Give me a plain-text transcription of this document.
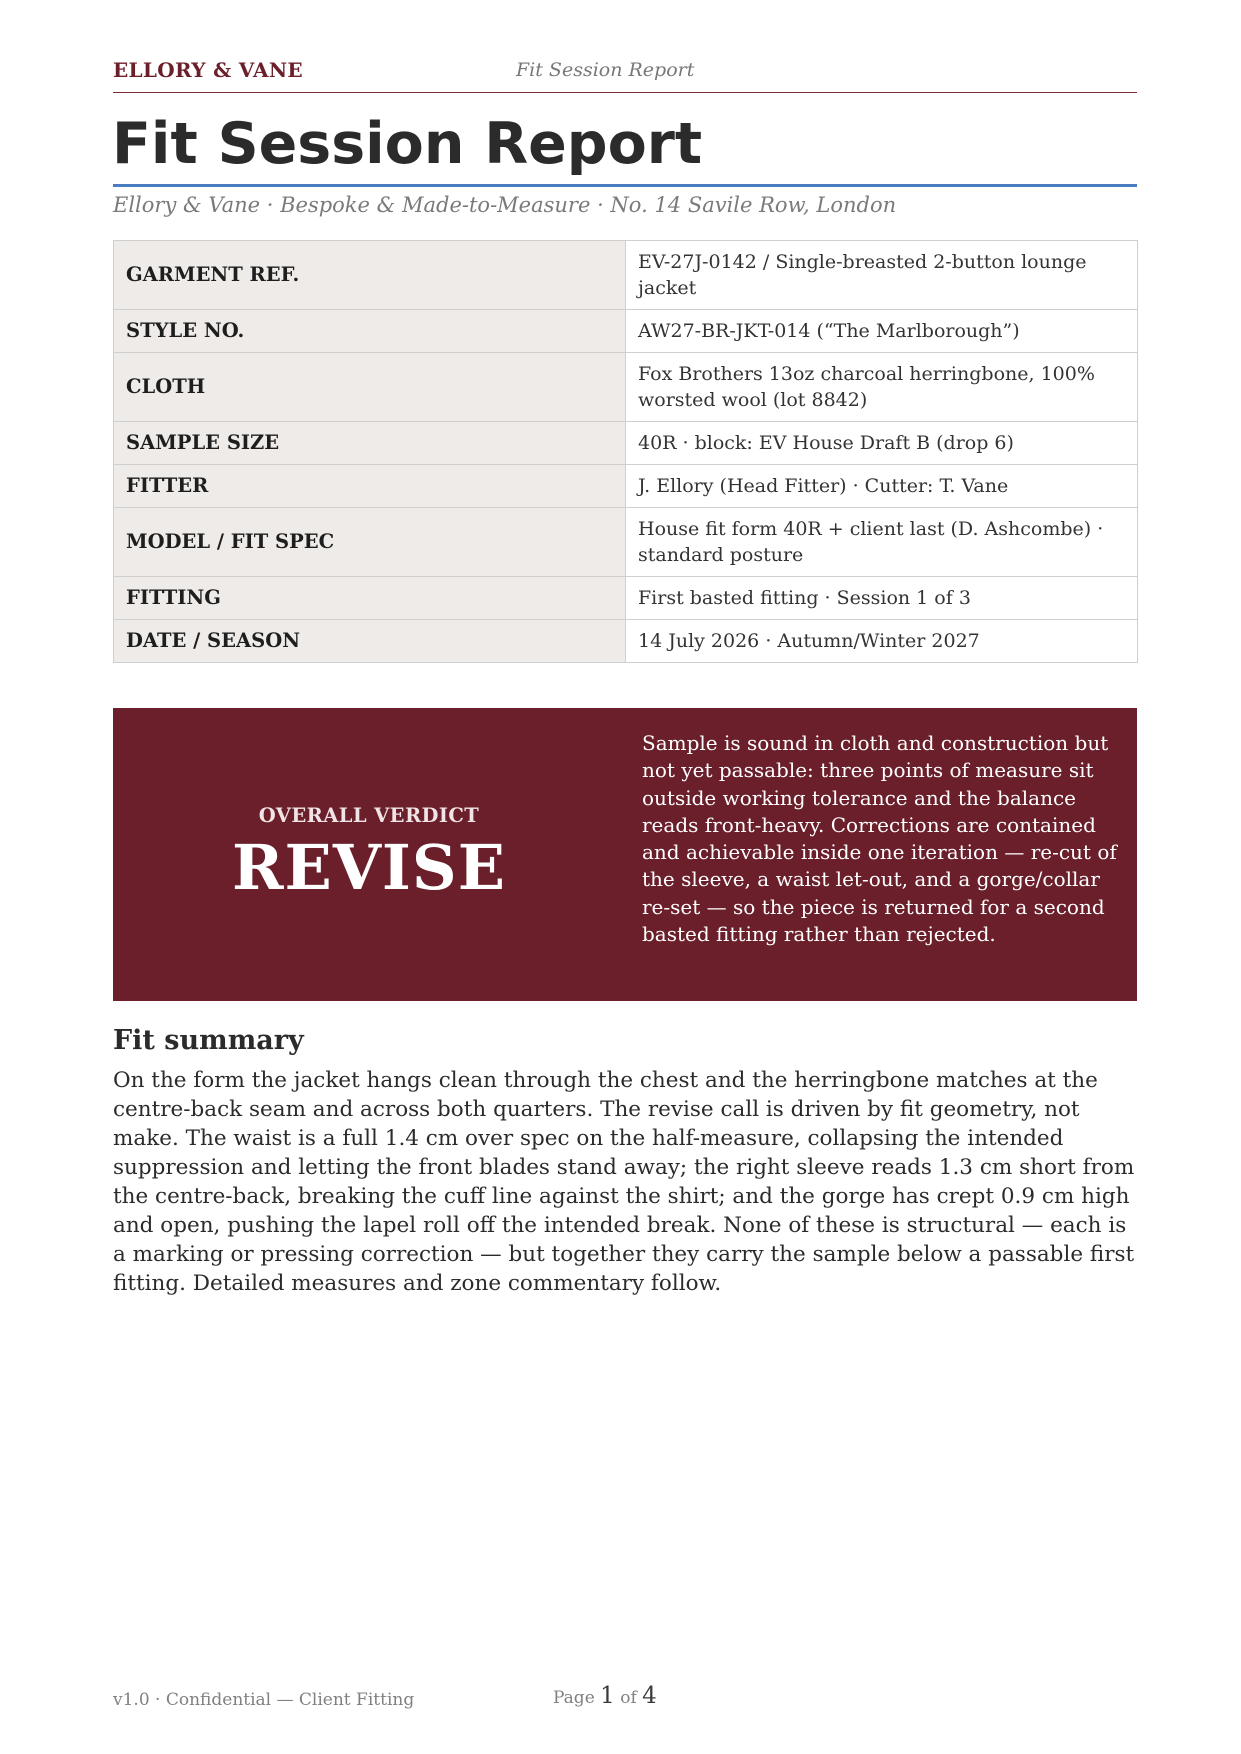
ELLORY & VANE	Fit Session Report
Fit Session Report
Ellory & Vane · Bespoke & Made-to-Measure · No. 14 Savile Row, London
GARMENT REF.	EV-27J-0142 / Single-breasted 2-button lounge jacket
STYLE NO.	AW27-BR-JKT-014 (“The Marlborough”)
CLOTH	Fox Brothers 13oz charcoal herringbone, 100% worsted wool (lot 8842)
SAMPLE SIZE	40R · block: EV House Draft B (drop 6)
FITTER	J. Ellory (Head Fitter) · Cutter: T. Vane
MODEL / FIT SPEC	House fit form 40R + client last (D. Ashcombe) · standard posture
FITTING	First basted fitting · Session 1 of 3
DATE / SEASON	14 July 2026 · Autumn/Winter 2027
OVERALL VERDICT
REVISE
Sample is sound in cloth and construction but not yet passable: three points of measure sit outside working tolerance and the balance reads front-heavy. Corrections are contained and achievable inside one iteration — re-cut of the sleeve, a waist let-out, and a gorge/collar re-set — so the piece is returned for a second basted fitting rather than rejected.
Fit summary

On the form the jacket hangs clean through the chest and the herringbone matches at the centre-back seam and across both quarters. The revise call is driven by fit geometry, not make. The waist is a full 1.4 cm over spec on the half-measure, collapsing the intended suppression and letting the front blades stand away; the right sleeve reads 1.3 cm short from the centre-back, breaking the cuff line against the shirt; and the gorge has crept 0.9 cm high and open, pushing the lapel roll off the intended break. None of these is structural — each is a marking or pressing correction — but together they carry the sample below a passable first fitting. Detailed measures and zone commentary follow.

v1.0 · Confidential — Client Fitting	Page 1 of 4
